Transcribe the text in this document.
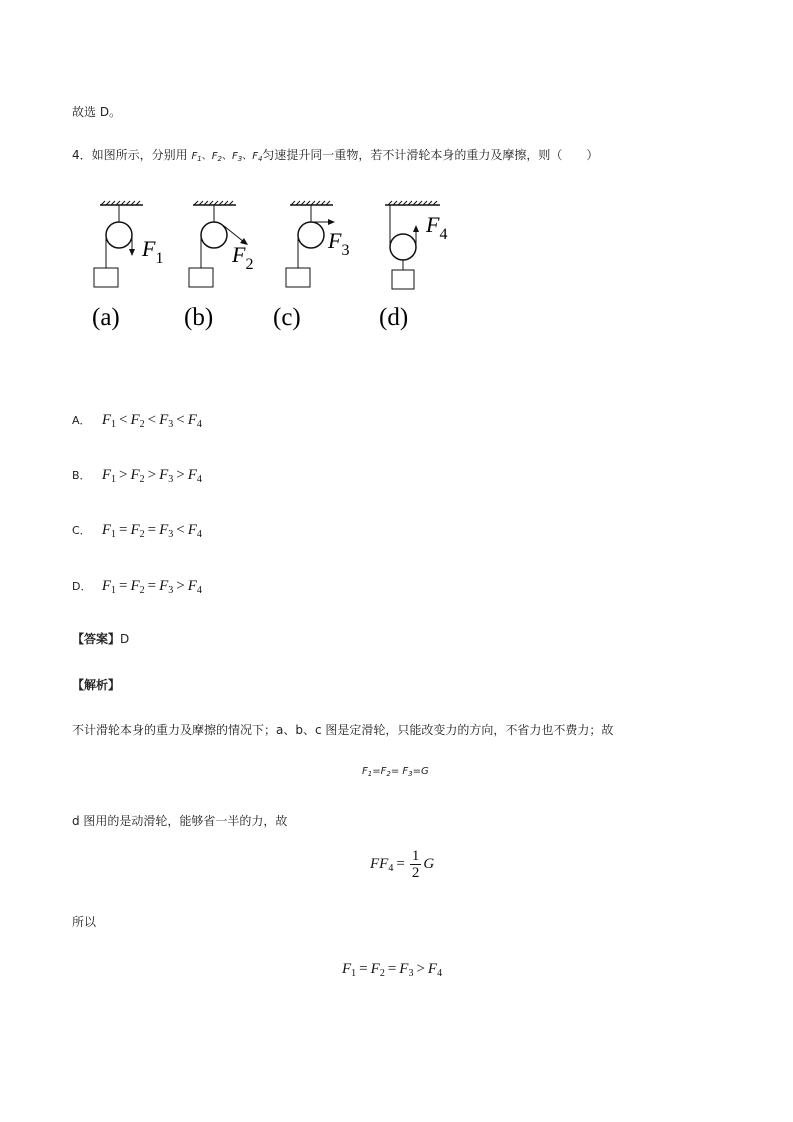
故选 D。
4．如图所示，分别用 $F_1$、$F_2$、$F_3$、$F_4$匀速提升同一重物，若不计滑轮本身的重力及摩擦，则（　　）
$F_1$	$F_2$
$F_3$
$F_4$
(a)	(b) (c)	(d)
A． $F_1 < F_2 < F_3 < F_4$
B． $F_1 > F_2 > F_3 > F_4$
C． $F_1 = F_2 = F_3 < F_4$
D． $F_1 = F_2 = F_3 > F_4$
【答案】D
【解析】
不计滑轮本身的重力及摩擦的情况下；a、b、c 图是定滑轮，只能改变力的方向，不省力也不费力；故
$F_1=F_2= F_3=G$
d 图用的是动滑轮，能够省一半的力，故
$FF_4 = \frac{1}{2}$ G
所以
$F_1 = F_2 = F_3 > F_4$
